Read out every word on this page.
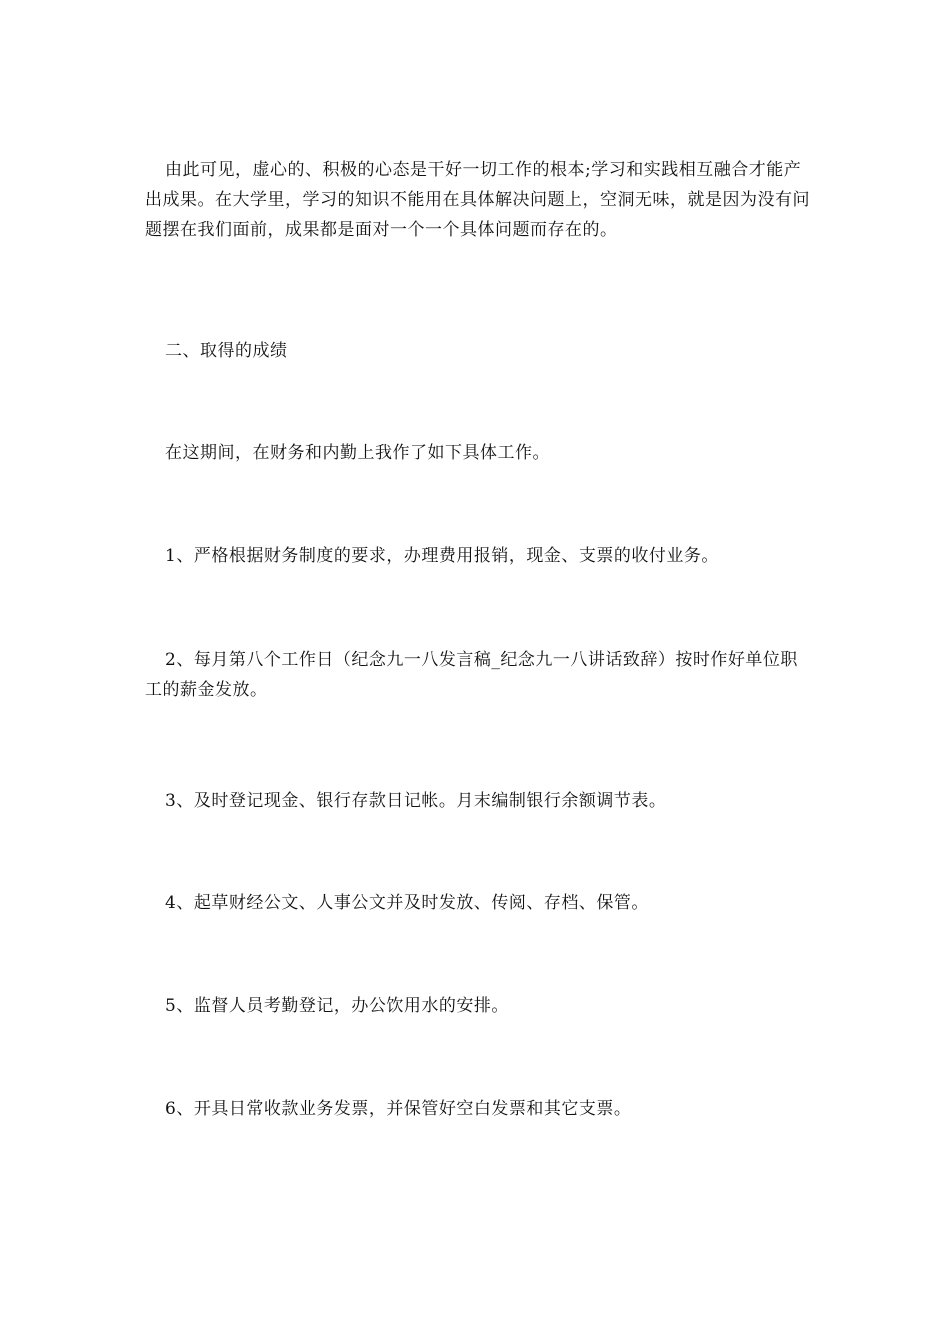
由此可见，虚心的、积极的心态是干好一切工作的根本;学习和实践相互融合才能产出成果。在大学里，学习的知识不能用在具体解决问题上，空洞无味，就是因为没有问题摆在我们面前，成果都是面对一个一个具体问题而存在的。

二、取得的成绩

在这期间，在财务和内勤上我作了如下具体工作。

1、严格根据财务制度的要求，办理费用报销，现金、支票的收付业务。

2、每月第八个工作日（纪念九一八发言稿_纪念九一八讲话致辞）按时作好单位职工的薪金发放。

3、及时登记现金、银行存款日记帐。月末编制银行余额调节表。

4、起草财经公文、人事公文并及时发放、传阅、存档、保管。

5、监督人员考勤登记，办公饮用水的安排。

6、开具日常收款业务发票，并保管好空白发票和其它支票。
